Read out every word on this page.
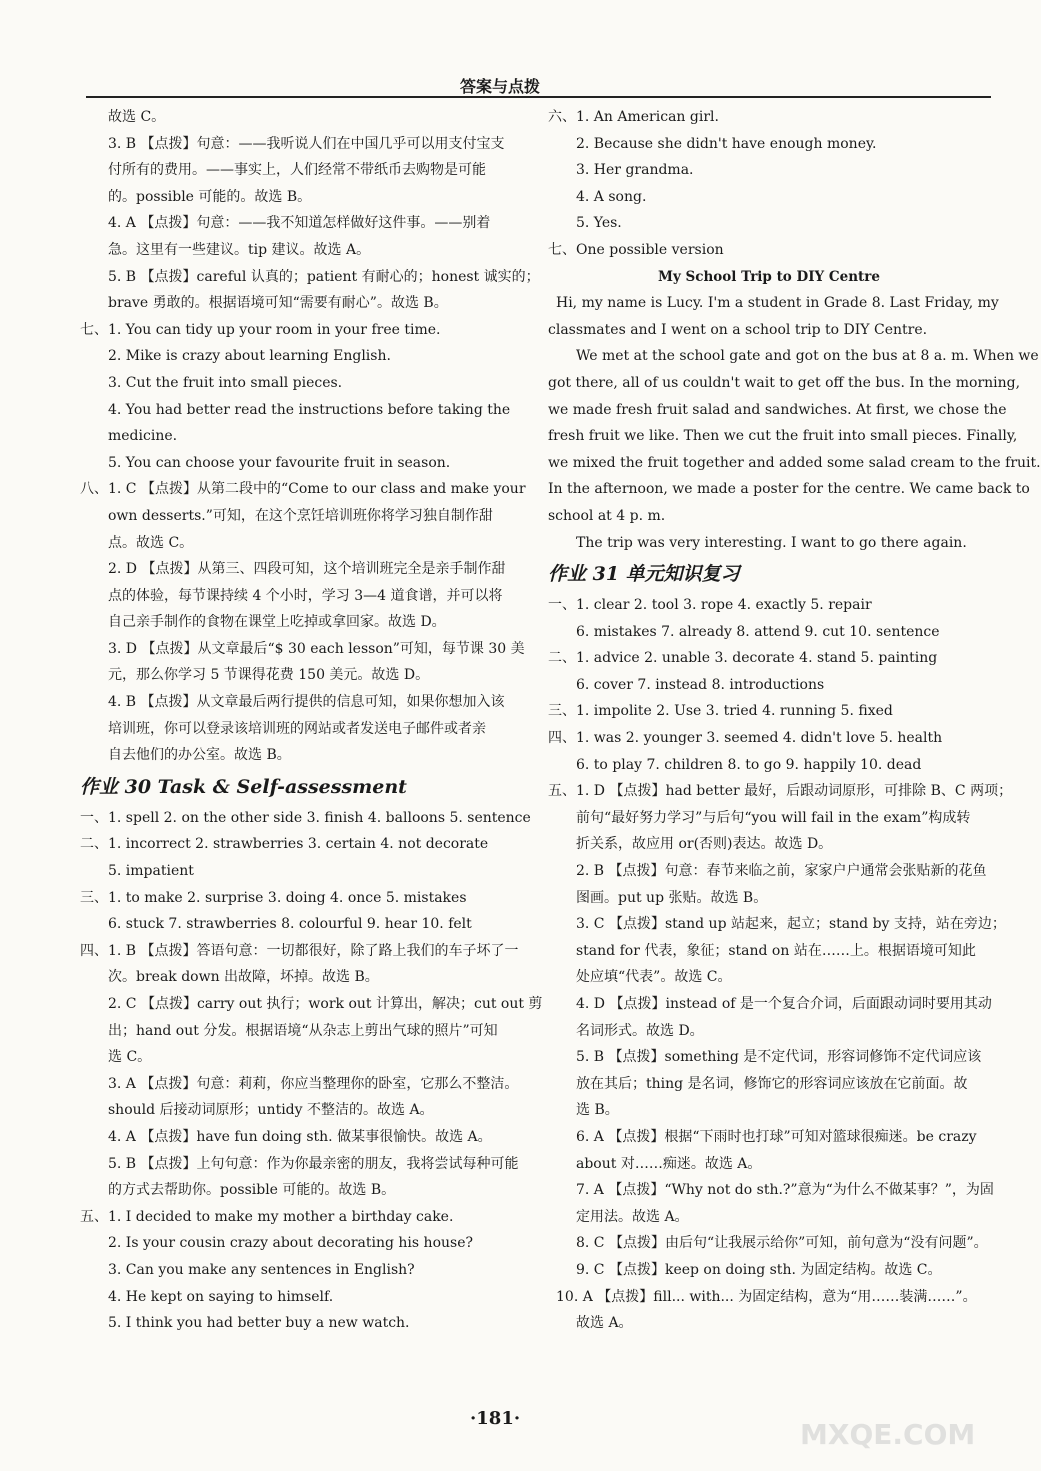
答案与点拨
故选 C。
3. B 【点拨】句意：——我听说人们在中国几乎可以用支付宝支
付所有的费用。——事实上，人们经常不带纸币去购物是可能
的。possible 可能的。故选 B。
4. A 【点拨】句意：——我不知道怎样做好这件事。——别着
急。这里有一些建议。tip 建议。故选 A。
5. B 【点拨】careful 认真的；patient 有耐心的；honest 诚实的；
brave 勇敢的。根据语境可知“需要有耐心”。故选 B。
七、1. You can tidy up your room in your free time.
2. Mike is crazy about learning English.
3. Cut the fruit into small pieces.
4. You had better read the instructions before taking the
medicine.
5. You can choose your favourite fruit in season.
八、1. C 【点拨】从第二段中的“Come to our class and make your
own desserts.”可知，在这个烹饪培训班你将学习独自制作甜
点。故选 C。
2. D 【点拨】从第三、四段可知，这个培训班完全是亲手制作甜
点的体验，每节课持续 4 个小时，学习 3—4 道食谱，并可以将
自己亲手制作的食物在课堂上吃掉或拿回家。故选 D。
3. D 【点拨】从文章最后“$ 30 each lesson”可知，每节课 30 美
元，那么你学习 5 节课得花费 150 美元。故选 D。
4. B 【点拨】从文章最后两行提供的信息可知，如果你想加入该
培训班，你可以登录该培训班的网站或者发送电子邮件或者亲
自去他们的办公室。故选 B。
作业 30 Task & Self-assessment
一、1. spell 2. on the other side 3. finish 4. balloons 5. sentence
二、1. incorrect 2. strawberries 3. certain 4. not decorate
5. impatient
三、1. to make 2. surprise 3. doing 4. once 5. mistakes
6. stuck 7. strawberries 8. colourful 9. hear 10. felt
四、1. B 【点拨】答语句意：一切都很好，除了路上我们的车子坏了一
次。break down 出故障，坏掉。故选 B。
2. C 【点拨】carry out 执行；work out 计算出，解决；cut out 剪
出；hand out 分发。根据语境“从杂志上剪出气球的照片”可知
选 C。
3. A 【点拨】句意：莉莉，你应当整理你的卧室，它那么不整洁。
should 后接动词原形；untidy 不整洁的。故选 A。
4. A 【点拨】have fun doing sth. 做某事很愉快。故选 A。
5. B 【点拨】上句句意：作为你最亲密的朋友，我将尝试每种可能
的方式去帮助你。possible 可能的。故选 B。
五、1. I decided to make my mother a birthday cake.
2. Is your cousin crazy about decorating his house?
3. Can you make any sentences in English?
4. He kept on saying to himself.
5. I think you had better buy a new watch.
六、1. An American girl.
2. Because she didn't have enough money.
3. Her grandma.
4. A song.
5. Yes.
七、One possible version
My School Trip to DIY Centre
Hi, my name is Lucy. I'm a student in Grade 8. Last Friday, my
classmates and I went on a school trip to DIY Centre.
We met at the school gate and got on the bus at 8 a. m. When we
got there, all of us couldn't wait to get off the bus. In the morning,
we made fresh fruit salad and sandwiches. At first, we chose the
fresh fruit we like. Then we cut the fruit into small pieces. Finally,
we mixed the fruit together and added some salad cream to the fruit.
In the afternoon, we made a poster for the centre. We came back to
school at 4 p. m.
The trip was very interesting. I want to go there again.
作业 31 单元知识复习
一、1. clear 2. tool 3. rope 4. exactly 5. repair
6. mistakes 7. already 8. attend 9. cut 10. sentence
二、1. advice 2. unable 3. decorate 4. stand 5. painting
6. cover 7. instead 8. introductions
三、1. impolite 2. Use 3. tried 4. running 5. fixed
四、1. was 2. younger 3. seemed 4. didn't love 5. health
6. to play 7. children 8. to go 9. happily 10. dead
五、1. D 【点拨】had better 最好，后跟动词原形，可排除 B、C 两项；
前句“最好努力学习”与后句“you will fail in the exam”构成转
折关系，故应用 or(否则)表达。故选 D。
2. B 【点拨】句意：春节来临之前，家家户户通常会张贴新的花鱼
图画。put up 张贴。故选 B。
3. C 【点拨】stand up 站起来，起立；stand by 支持，站在旁边；
stand for 代表，象征；stand on 站在……上。根据语境可知此
处应填“代表”。故选 C。
4. D 【点拨】instead of 是一个复合介词，后面跟动词时要用其动
名词形式。故选 D。
5. B 【点拨】something 是不定代词，形容词修饰不定代词应该
放在其后；thing 是名词，修饰它的形容词应该放在它前面。故
选 B。
6. A 【点拨】根据“下雨时也打球”可知对篮球很痴迷。be crazy
about 对……痴迷。故选 A。
7. A 【点拨】“Why not do sth.?”意为“为什么不做某事？”，为固
定用法。故选 A。
8. C 【点拨】由后句“让我展示给你”可知，前句意为“没有问题”。
9. C 【点拨】keep on doing sth. 为固定结构。故选 C。
10. A 【点拨】fill... with... 为固定结构，意为“用……装满……”。
故选 A。
·181·	MXQE.COM
